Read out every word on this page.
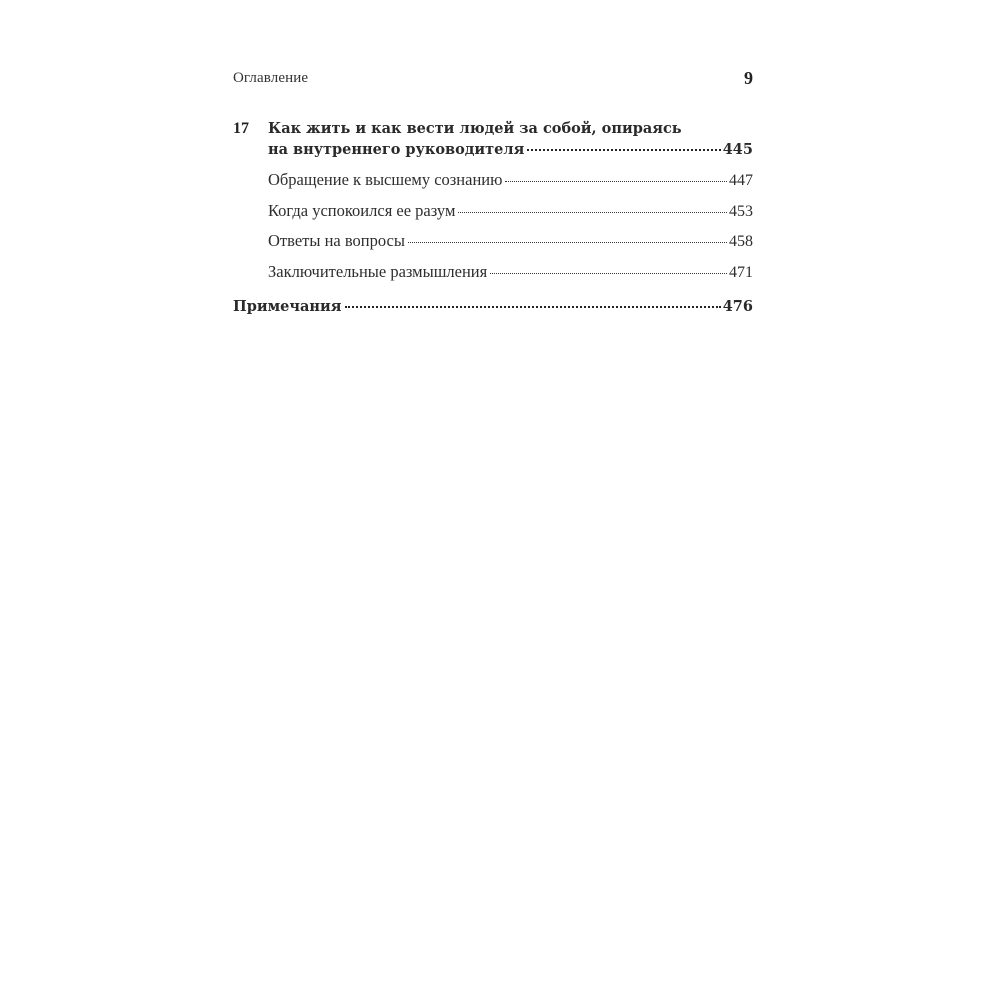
Оглавление	9
17 Как жить и как вести людей за собой, опираясь
на внутреннего руководителя	445
Обращение к высшему сознанию	447
Когда успокоился ее разум	453
Ответы на вопросы	458
Заключительные размышления	471
Примечания	476
